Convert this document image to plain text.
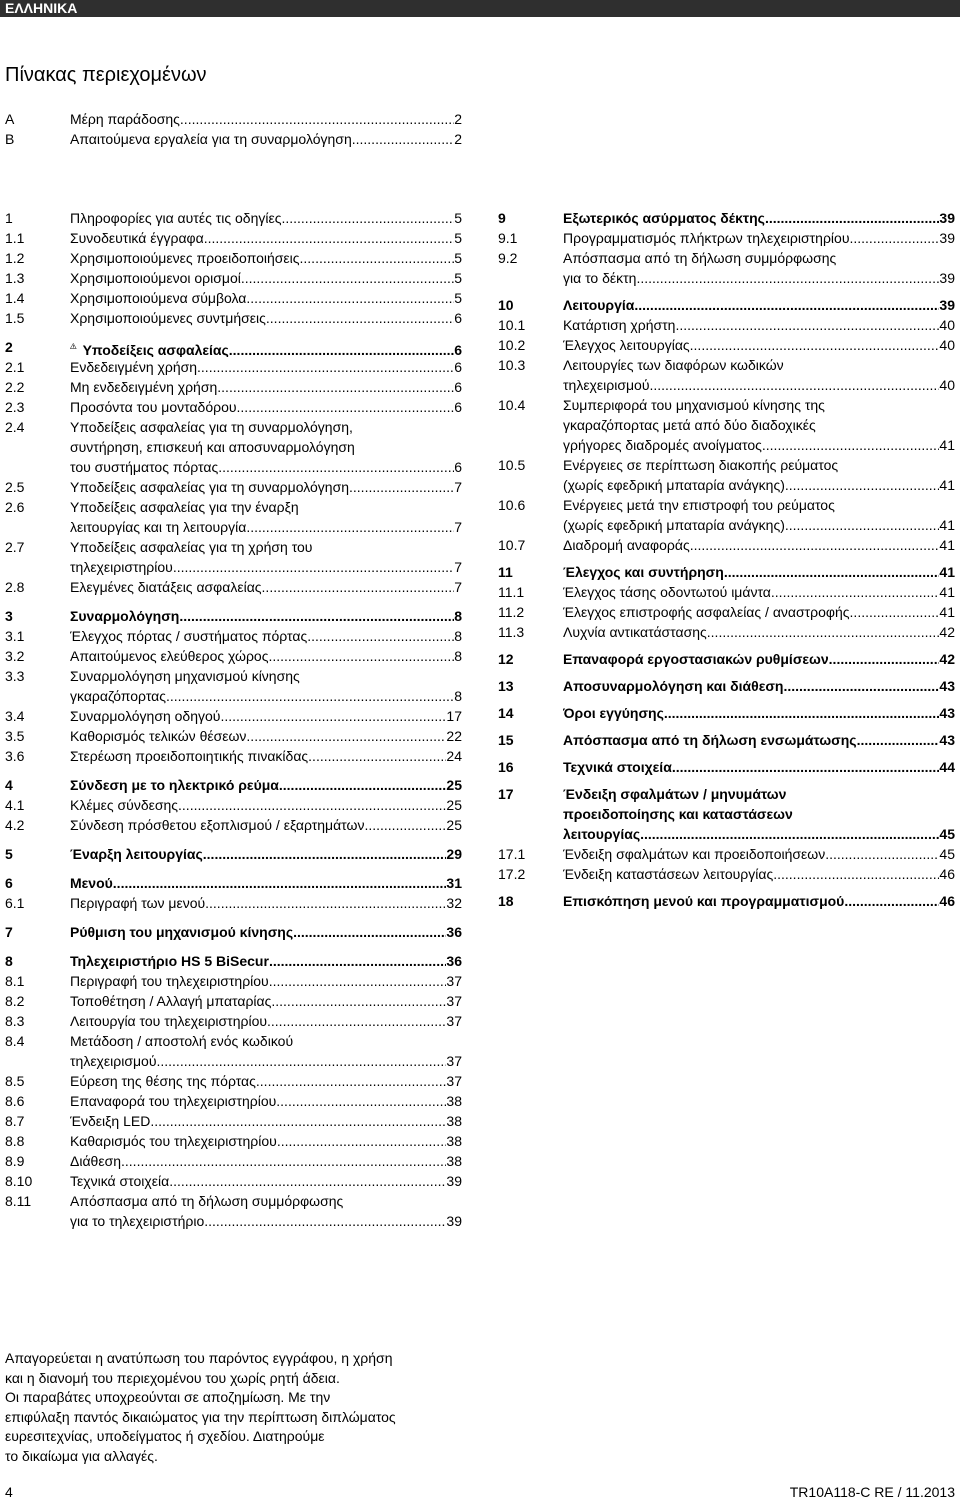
ΕΛΛΗΝΙΚΑ
Πίνακας περιεχομένων
A	Μέρη παράδοσης .....	2
B	Απαιτούμενα εργαλεία για τη συναρμολόγηση. .....	2
1	Πληροφορίες για αυτές τις οδηγίες .....	5
1.1	Συνοδευτικά έγγραφα .....	5
1.2	Χρησιμοποιούμενες προειδοποιήσεις. .....	5
1.3	Χρησιμοποιούμενοι ορισμοί. .....	5
1.4	Χρησιμοποιούμενα σύμβολα .....	5
1.5	Χρησιμοποιούμενες συντμήσεις .....	6
2	Υποδείξεις ασφαλείας .....	6
2.1	Ενδεδειγμένη χρήση .....	6
2.2	Μη ενδεδειγμένη χρήση .....	6
2.3	Προσόντα του μονταδόρου .....	6
2.4	Υποδείξεις ασφαλείας για τη συναρμολόγηση,
συντήρηση, επισκευή και αποσυναρμολόγηση
του συστήματος πόρτας .....	6
2.5	Υποδείξεις ασφαλείας για τη συναρμολόγηση .....	7
2.6	Υποδείξεις ασφαλείας για την έναρξη
λειτουργίας και τη λειτουργία .....	7
2.7	Υποδείξεις ασφαλείας για τη χρήση του
τηλεχειριστηρίου .....	7
2.8	Ελεγμένες διατάξεις ασφαλείας .....	7
3	Συναρμολόγηση .....	8
3.1	Έλεγχος πόρτας / συστήματος πόρτας .....	8
3.2	Απαιτούμενος ελεύθερος χώρος .....	8
3.3	Συναρμολόγηση μηχανισμού κίνησης
γκαραζόπορτας .....	8
3.4	Συναρμολόγηση οδηγού .....	17
3.5	Καθορισμός τελικών θέσεων .....	22
3.6	Στερέωση προειδοποιητικής πινακίδας .....	24
4	Σύνδεση με το ηλεκτρικό ρεύμα .....	25
4.1	Κλέμες σύνδεσης .....	25
4.2	Σύνδεση πρόσθετου εξοπλισμού / εξαρτημάτων .....	25
5	Έναρξη λειτουργίας .....	29
6	Μενού .....	31
6.1	Περιγραφή των μενού .....	32
7	Ρύθμιση του μηχανισμού κίνησης .....	36
8	Τηλεχειριστήριο HS 5 BiSecur .....	36
8.1	Περιγραφή του τηλεχειριστηρίου .....	37
8.2	Τοποθέτηση / Αλλαγή μπαταρίας .....	37
8.3	Λειτουργία του τηλεχειριστηρίου. .....	37
8.4	Μετάδοση / αποστολή ενός κωδικού
τηλεχειρισμού .....	37
8.5	Εύρεση της θέσης της πόρτας .....	37
8.6	Επαναφορά του τηλεχειριστηρίου .....	38
8.7	Ένδειξη LED .....	38
8.8	Καθαρισμός του τηλεχειριστηρίου .....	38
8.9	Διάθεση .....	38
8.10	Τεχνικά στοιχεία .....	39
8.11	Απόσπασμα από τη δήλωση συμμόρφωσης
για το τηλεχειριστήριο .....	39
9	Εξωτερικός ασύρματος δέκτης .....	39
9.1	Προγραμματισμός πλήκτρων τηλεχειριστηρίου .....	39
9.2	Απόσπασμα από τη δήλωση συμμόρφωσης
για το δέκτη .....	39
10	Λειτουργία .....	39
10.1	Κατάρτιση χρήστη .....	40
10.2	Έλεγχος λειτουργίας .....	40
10.3	Λειτουργίες των διαφόρων κωδικών
τηλεχειρισμού .....	40
10.4	Συμπεριφορά του μηχανισμού κίνησης της
γκαραζόπορτας μετά από δύο διαδοχικές
γρήγορες διαδρομές ανοίγματος .....	41
10.5	Ενέργειες σε περίπτωση διακοπής ρεύματος
(χωρίς εφεδρική μπαταρία ανάγκης) .....	41
10.6	Ενέργειες μετά την επιστροφή του ρεύματος
(χωρίς εφεδρική μπαταρία ανάγκης) .....	41
10.7	Διαδρομή αναφοράς .....	41
11	Έλεγχος και συντήρηση .....	41
11.1	Έλεγχος τάσης οδοντωτού ιμάντα .....	41
11.2	Έλεγχος επιστροφής ασφαλείας / αναστροφής .....	41
11.3	Λυχνία αντικατάστασης .....	42
12	Επαναφορά εργοστασιακών ρυθμίσεων .....	42
13	Αποσυναρμολόγηση και διάθεση .....	43
14	Όροι εγγύησης .....	43
15	Απόσπασμα από τη δήλωση ενσωμάτωσης .....	43
16	Τεχνικά στοιχεία .....	44
17	Ένδειξη σφαλμάτων / μηνυμάτων
προειδοποίησης και καταστάσεων
λειτουργίας .....	45
17.1	Ένδειξη σφαλμάτων και προειδοποιήσεων .....	45
17.2	Ένδειξη καταστάσεων λειτουργίας .....	46
18	Επισκόπηση μενού και προγραμματισμού .....	46
Απαγορεύεται η ανατύπωση του παρόντος εγγράφου, η χρήση
και η διανομή του περιεχομένου του χωρίς ρητή άδεια.
Οι παραβάτες υποχρεούνται σε αποζημίωση. Με την
επιφύλαξη παντός δικαιώματος για την περίπτωση διπλώματος
ευρεσιτεχνίας, υποδείγματος ή σχεδίου. Διατηρούμε
το δικαίωμα για αλλαγές.
4	TR10A118-C RE / 11.2013
